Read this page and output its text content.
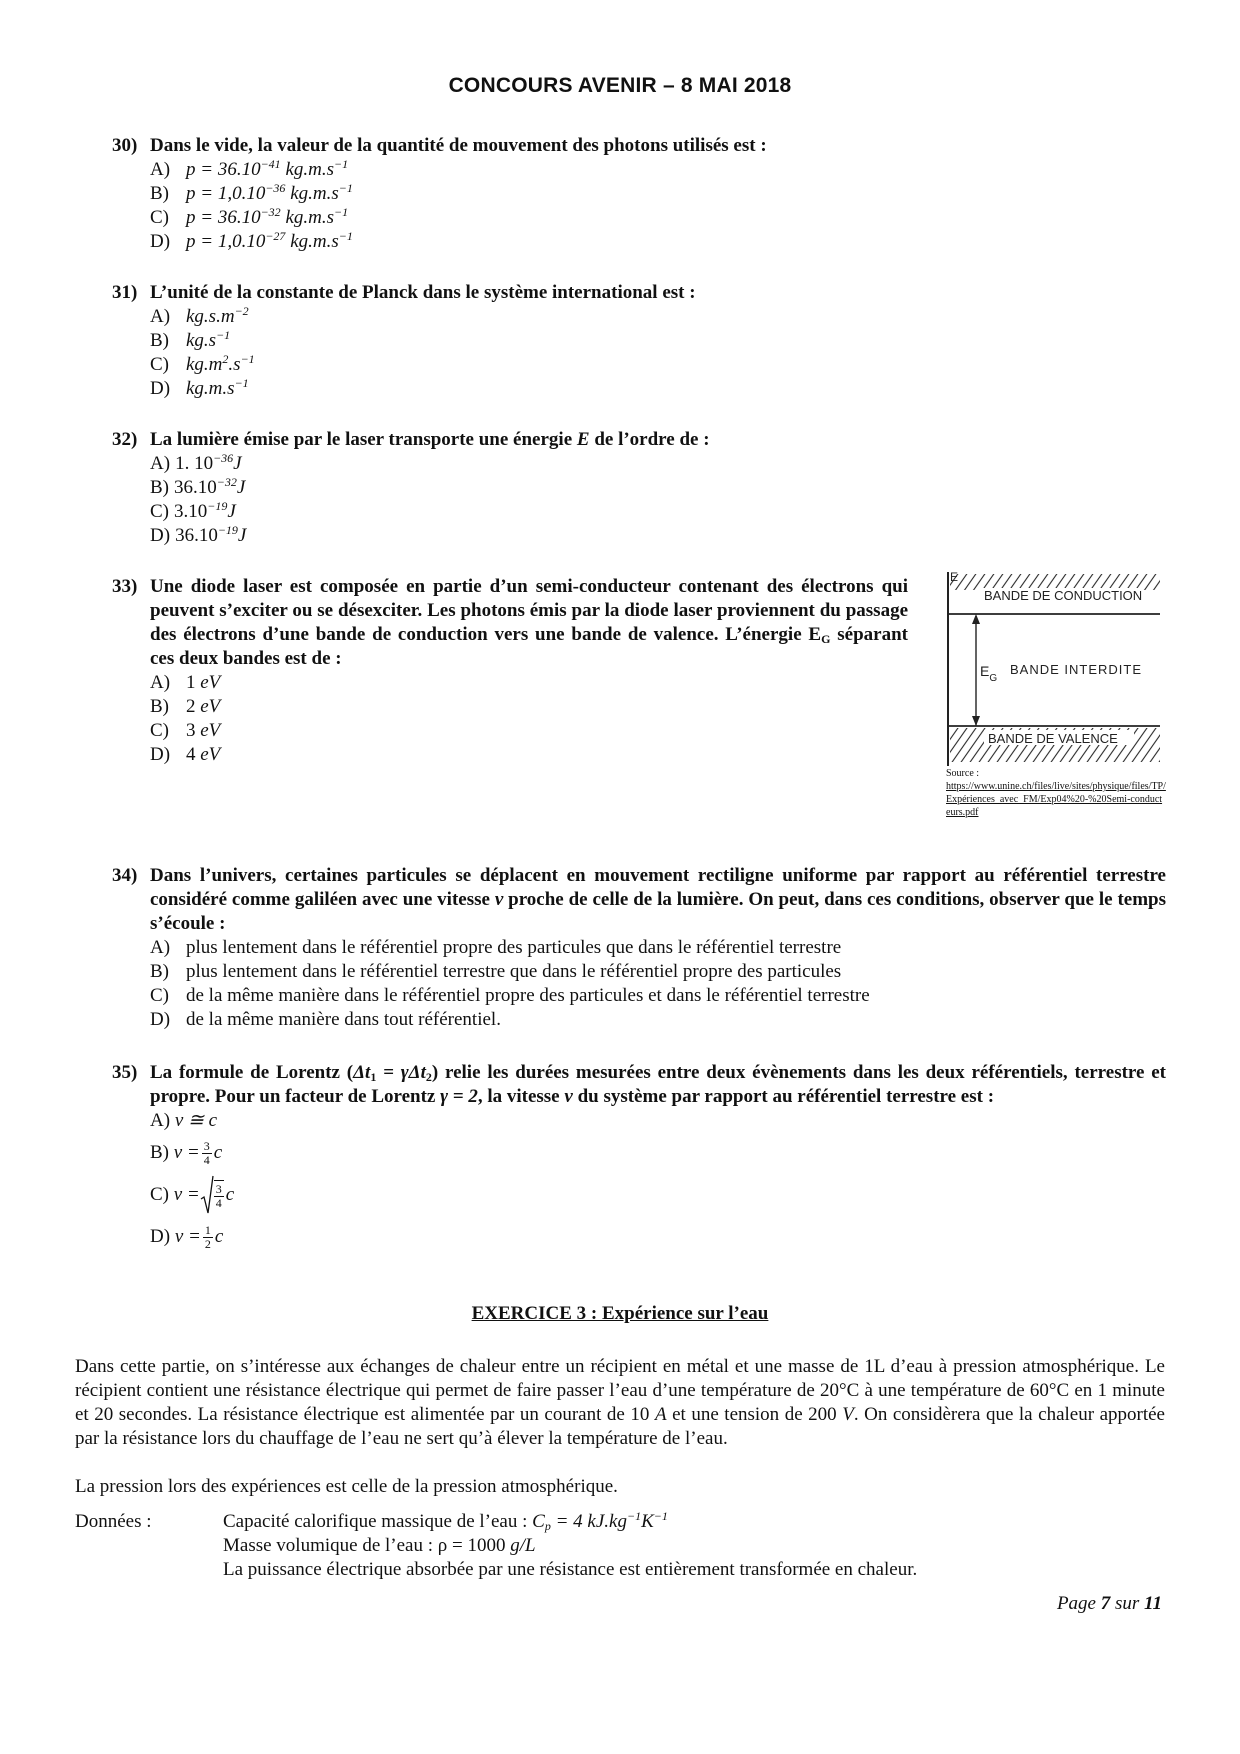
CONCOURS AVENIR – 8 MAI 2018
30) Dans le vide, la valeur de la quantité de mouvement des photons utilisés est :
A) $p = 36.10^{-41}$ $kg.m.s^{-1}$
B) $p = 1,0.10^{-36}$ $kg.m.s^{-1}$
C) $p = 36.10^{-32}$ $kg.m.s^{-1}$
D) $p = 1,0.10^{-27}$ $kg.m.s^{-1}$
31) L’unité de la constante de Planck dans le système international est :
A) $kg.s.m^{-2}$
B) $kg.s^{-1}$
C) $kg.m^2.s^{-1}$
D) $kg.m.s^{-1}$
32) La lumière émise par le laser transporte une énergie E de l’ordre de :
A) 1. $10^{-36}J$
B) $36.10^{-32}J$
C) $3.10^{-19}J$
D) $36.10^{-19}J$
33) Une diode laser est composée en partie d’un semi-conducteur contenant des électrons qui peuvent s’exciter ou se désexciter. Les photons émis par la diode laser proviennent du passage des électrons d’une bande de conduction vers une bande de valence. L’énergie $E_G$ séparant ces deux bandes est de :
A) 1 eV
B) 2 eV
C) 3 eV
D) 4 eV
BANDE DE CONDUCTION
$E_G$
BANDE INTERDITE
BANDE DE VALENCE
Source :
https://www.unine.ch/files/live/sites/physique/files/TP/Expériences_avec_FM/Exp04%20-%20Semi-conducteurs.pdf
34) Dans l’univers, certaines particules se déplacent en mouvement rectiligne uniforme par rapport au référentiel terrestre considéré comme galiléen avec une vitesse v proche de celle de la lumière. On peut, dans ces conditions, observer que le temps s’écoule :
A) plus lentement dans le référentiel propre des particules que dans le référentiel terrestre
B) plus lentement dans le référentiel terrestre que dans le référentiel propre des particules
C) de la même manière dans le référentiel propre des particules et dans le référentiel terrestre
D) de la même manière dans tout référentiel.
35) La formule de Lorentz $(\Delta t_1 = \gamma\Delta t_2)$ relie les durées mesurées entre deux évènements dans les deux référentiels, terrestre et propre. Pour un facteur de Lorentz γ = 2, la vitesse v du système par rapport au référentiel terrestre est :
A) v ≅ c
B)
$v = \frac{3}{4}$ c
C)
$v = \frac{3}{4}$ c
D)
$v = \frac{1}{2}$ c
EXERCICE 3 : Expérience sur l’eau
Dans cette partie, on s’intéresse aux échanges de chaleur entre un récipient en métal et une masse de 1L d’eau à pression atmosphérique. Le récipient contient une résistance électrique qui permet de faire passer l’eau d’une température de 20°C à une température de 60°C en 1 minute et 20 secondes. La résistance électrique est alimentée par un courant de 10 A et une tension de 200 V. On considèrera que la chaleur apportée par la résistance lors du chauffage de l’eau ne sert qu’à élever la température de l’eau.
La pression lors des expériences est celle de la pression atmosphérique.
Données :	Capacité calorifique massique de l’eau : $C_p = 4$ $kJ.kg^{-1}K^{-1}$
Masse volumique de l’eau : ρ = 1000 g/L
La puissance électrique absorbée par une résistance est entièrement transformée en chaleur.
Page 7 sur 11
